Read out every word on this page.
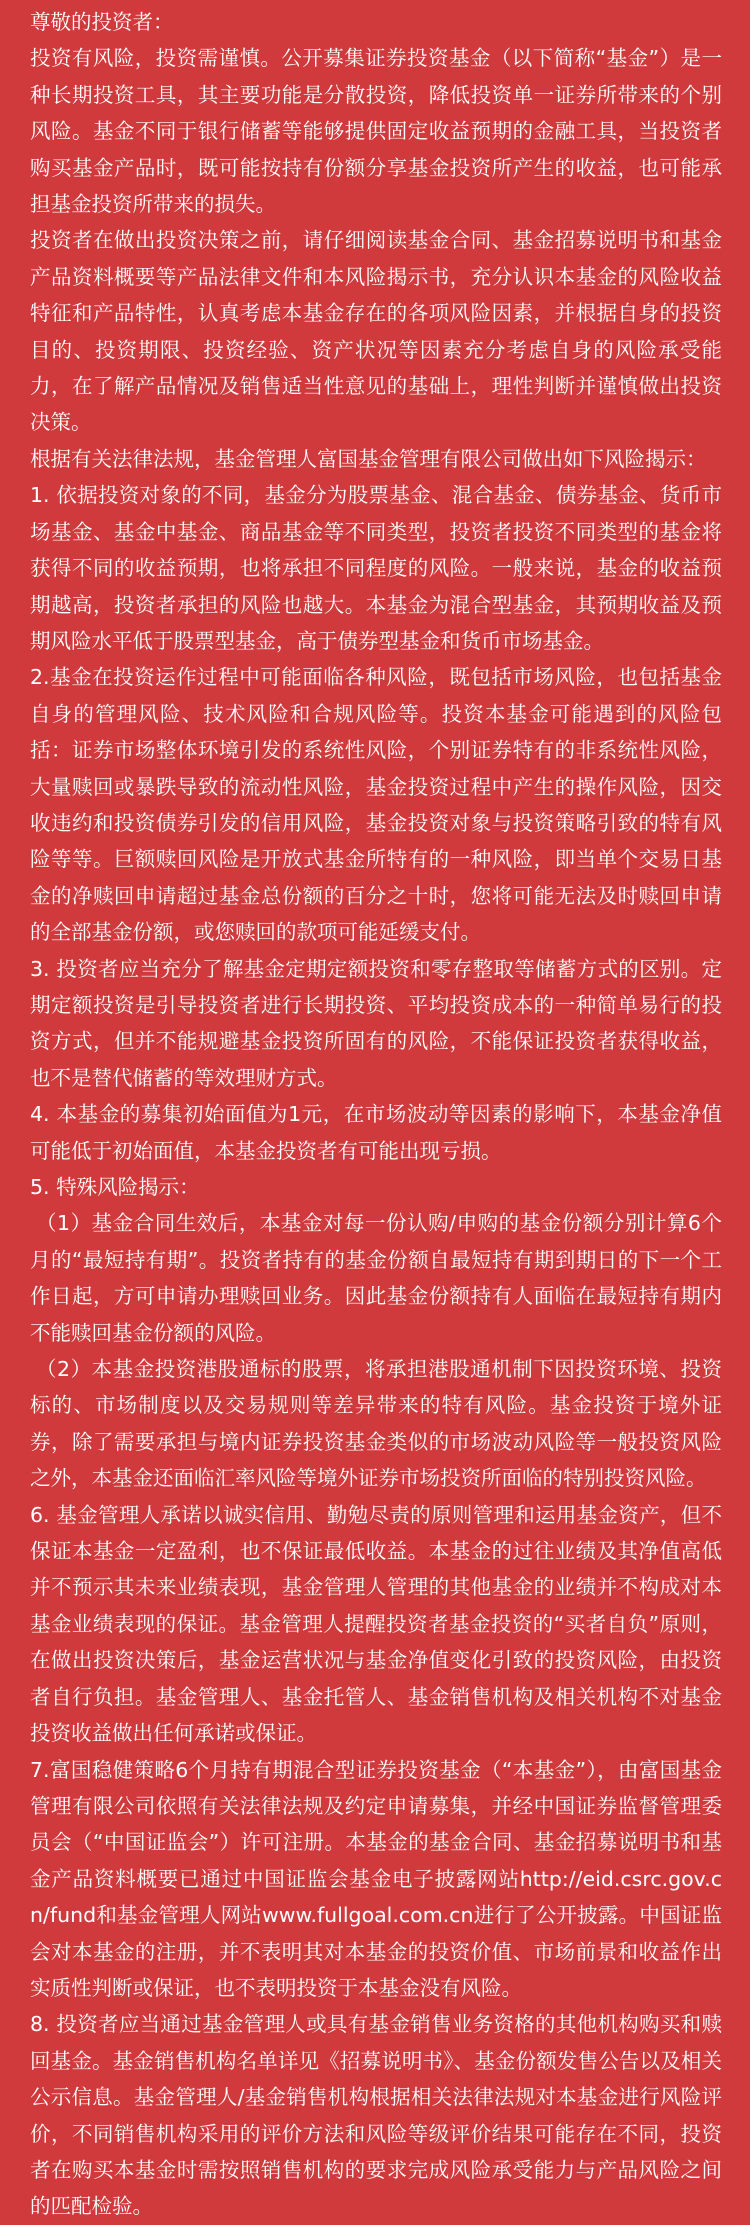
尊敬的投资者：

投资有风险，投资需谨慎。公开募集证券投资基金（以下简称“基金”）是一种长期投资工具，其主要功能是分散投资，降低投资单一证券所带来的个别风险。基金不同于银行储蓄等能够提供固定收益预期的金融工具，当投资者购买基金产品时，既可能按持有份额分享基金投资所产生的收益，也可能承担基金投资所带来的损失。

投资者在做出投资决策之前，请仔细阅读基金合同、基金招募说明书和基金产品资料概要等产品法律文件和本风险揭示书，充分认识本基金的风险收益特征和产品特性，认真考虑本基金存在的各项风险因素，并根据自身的投资目的、投资期限、投资经验、资产状况等因素充分考虑自身的风险承受能力，在了解产品情况及销售适当性意见的基础上，理性判断并谨慎做出投资决策。

根据有关法律法规，基金管理人富国基金管理有限公司做出如下风险揭示：

1. 依据投资对象的不同，基金分为股票基金、混合基金、债券基金、货币市场基金、基金中基金、商品基金等不同类型，投资者投资不同类型的基金将获得不同的收益预期，也将承担不同程度的风险。一般来说，基金的收益预期越高，投资者承担的风险也越大。本基金为混合型基金，其预期收益及预期风险水平低于股票型基金，高于债券型基金和货币市场基金。

2.基金在投资运作过程中可能面临各种风险，既包括市场风险，也包括基金自身的管理风险、技术风险和合规风险等。投资本基金可能遇到的风险包括：证券市场整体环境引发的系统性风险，个别证券特有的非系统性风险，大量赎回或暴跌导致的流动性风险，基金投资过程中产生的操作风险，因交收违约和投资债券引发的信用风险，基金投资对象与投资策略引致的特有风险等等。巨额赎回风险是开放式基金所特有的一种风险，即当单个交易日基金的净赎回申请超过基金总份额的百分之十时，您将可能无法及时赎回申请的全部基金份额，或您赎回的款项可能延缓支付。

3. 投资者应当充分了解基金定期定额投资和零存整取等储蓄方式的区别。定期定额投资是引导投资者进行长期投资、平均投资成本的一种简单易行的投资方式，但并不能规避基金投资所固有的风险，不能保证投资者获得收益，也不是替代储蓄的等效理财方式。

4. 本基金的募集初始面值为1元，在市场波动等因素的影响下，本基金净值可能低于初始面值，本基金投资者有可能出现亏损。

5. 特殊风险揭示：

（1）基金合同生效后，本基金对每一份认购/申购的基金份额分别计算6个月的“最短持有期”。投资者持有的基金份额自最短持有期到期日的下一个工作日起，方可申请办理赎回业务。因此基金份额持有人面临在最短持有期内不能赎回基金份额的风险。

（2）本基金投资港股通标的股票，将承担港股通机制下因投资环境、投资标的、市场制度以及交易规则等差异带来的特有风险。基金投资于境外证券，除了需要承担与境内证券投资基金类似的市场波动风险等一般投资风险之外，本基金还面临汇率风险等境外证券市场投资所面临的特别投资风险。

6. 基金管理人承诺以诚实信用、勤勉尽责的原则管理和运用基金资产，但不保证本基金一定盈利，也不保证最低收益。本基金的过往业绩及其净值高低并不预示其未来业绩表现，基金管理人管理的其他基金的业绩并不构成对本基金业绩表现的保证。基金管理人提醒投资者基金投资的“买者自负”原则，在做出投资决策后，基金运营状况与基金净值变化引致的投资风险，由投资者自行负担。基金管理人、基金托管人、基金销售机构及相关机构不对基金投资收益做出任何承诺或保证。

7.富国稳健策略6个月持有期混合型证券投资基金（“本基金”），由富国基金管理有限公司依照有关法律法规及约定申请募集，并经中国证券监督管理委员会（“中国证监会”）许可注册。本基金的基金合同、基金招募说明书和基金产品资料概要已通过中国证监会基金电子披露网站http://eid.csrc.gov.cn/fund和基金管理人网站www.fullgoal.com.cn进行了公开披露。中国证监会对本基金的注册，并不表明其对本基金的投资价值、市场前景和收益作出实质性判断或保证，也不表明投资于本基金没有风险。

8. 投资者应当通过基金管理人或具有基金销售业务资格的其他机构购买和赎回基金。基金销售机构名单详见《招募说明书》、基金份额发售公告以及相关公示信息。基金管理人/基金销售机构根据相关法律法规对本基金进行风险评价，不同销售机构采用的评价方法和风险等级评价结果可能存在不同，投资者在购买本基金时需按照销售机构的要求完成风险承受能力与产品风险之间的匹配检验。
